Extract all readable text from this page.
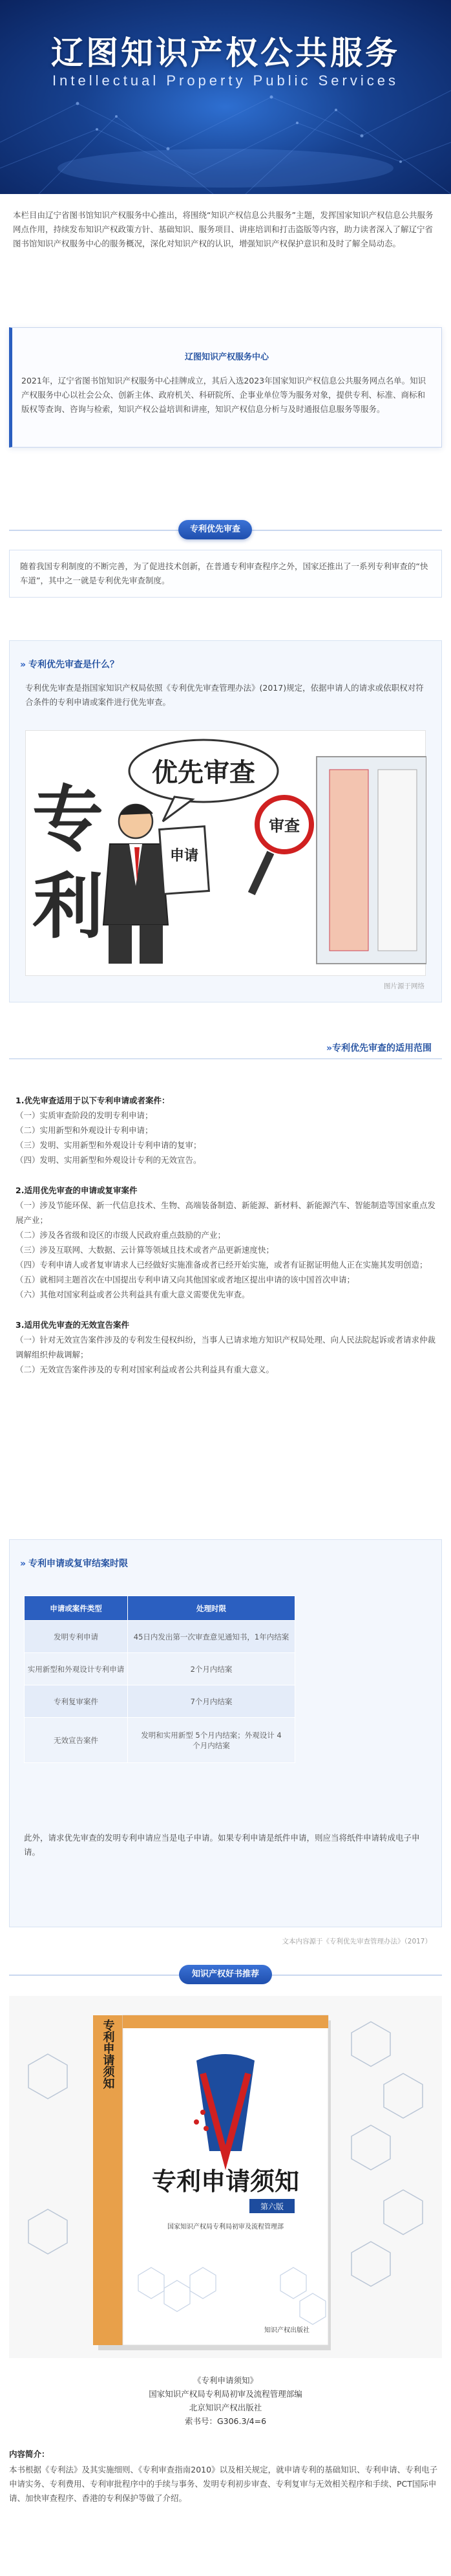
辽图知识产权公共服务
Intellectual Property Public Services
本栏目由辽宁省图书馆知识产权服务中心推出，将围绕“知识产权信息公共服务”主题，发挥国家知识产权信息公共服务网点作用，持续发布知识产权政策方针、基础知识、服务项目、讲座培训和打击盗版等内容，助力读者深入了解辽宁省图书馆知识产权服务中心的服务概况，深化对知识产权的认识，增强知识产权保护意识和及时了解全局动态。
辽图知识产权服务中心
2021年，辽宁省图书馆知识产权服务中心挂牌成立，其后入选2023年国家知识产权信息公共服务网点名单。知识产权服务中心以社会公众、创新主体、政府机关、科研院所、企事业单位等为服务对象，提供专利、标准、商标和版权等查询、咨询与检索，知识产权公益培训和讲座，知识产权信息分析与及时通报信息服务等服务。
专利优先审查
随着我国专利制度的不断完善，为了促进技术创新，在普通专利审查程序之外，国家还推出了一系列专利审查的“快车道”，其中之一就是专利优先审查制度。
» 专利优先审查是什么？
专利优先审查是指国家知识产权局依照《专利优先审查管理办法》(2017)规定，依据申请人的请求或依职权对符合条件的专利申请或案件进行优先审查。
专
利
优先审查
申请
审查
图片源于网络
»专利优先审查的适用范围
1.优先审查适用于以下专利申请或者案件：
（一）实质审查阶段的发明专利申请；
（二）实用新型和外观设计专利申请；
（三）发明、实用新型和外观设计专利申请的复审；
（四）发明、实用新型和外观设计专利的无效宣告。
2.适用优先审查的申请或复审案件
（一）涉及节能环保、新一代信息技术、生物、高端装备制造、新能源、新材料、新能源汽车、智能制造等国家重点发展产业；
（二）涉及各省级和设区的市级人民政府重点鼓励的产业；
（三）涉及互联网、大数据、云计算等领域且技术或者产品更新速度快；
（四）专利申请人或者复审请求人已经做好实施准备或者已经开始实施，或者有证据证明他人正在实施其发明创造；
（五）就相同主题首次在中国提出专利申请又向其他国家或者地区提出申请的该中国首次申请；
（六）其他对国家利益或者公共利益具有重大意义需要优先审查。
3.适用优先审查的无效宣告案件
（一）针对无效宣告案件涉及的专利发生侵权纠纷，当事人已请求地方知识产权局处理、向人民法院起诉或者请求仲裁调解组织仲裁调解；
（二）无效宣告案件涉及的专利对国家利益或者公共利益具有重大意义。
» 专利申请或复审结案时限
申请或案件类型	处理时限
发明专利申请	45日内发出第一次审查意见通知书，1年内结案
实用新型和外观设计专利申请	2个月内结案
专利复审案件	7个月内结案
无效宣告案件	发明和实用新型 5个月内结案；外观设计 4个月内结案
此外，请求优先审查的发明专利申请应当是电子申请。如果专利申请是纸件申请，则应当将纸件申请转成电子申请。
文本内容源于《专利优先审查管理办法》（2017）
知识产权好书推荐
专利申请须知
第六版
国家知识产权局专利局初审及流程管理部
专利申请须知
知识产权出版社
《专利申请须知》
国家知识产权局专利局初审及流程管理部编
北京知识产权出版社
索书号：G306.3/4=6
内容简介：
本书根据《专利法》及其实施细则、《专利审查指南2010》以及相关规定，就申请专利的基础知识、专利申请、专利电子申请实务、专利费用、专利审批程序中的手续与事务、发明专利初步审查、专利复审与无效相关程序和手续、PCT国际申请、加快审查程序、香港的专利保护等做了介绍。
